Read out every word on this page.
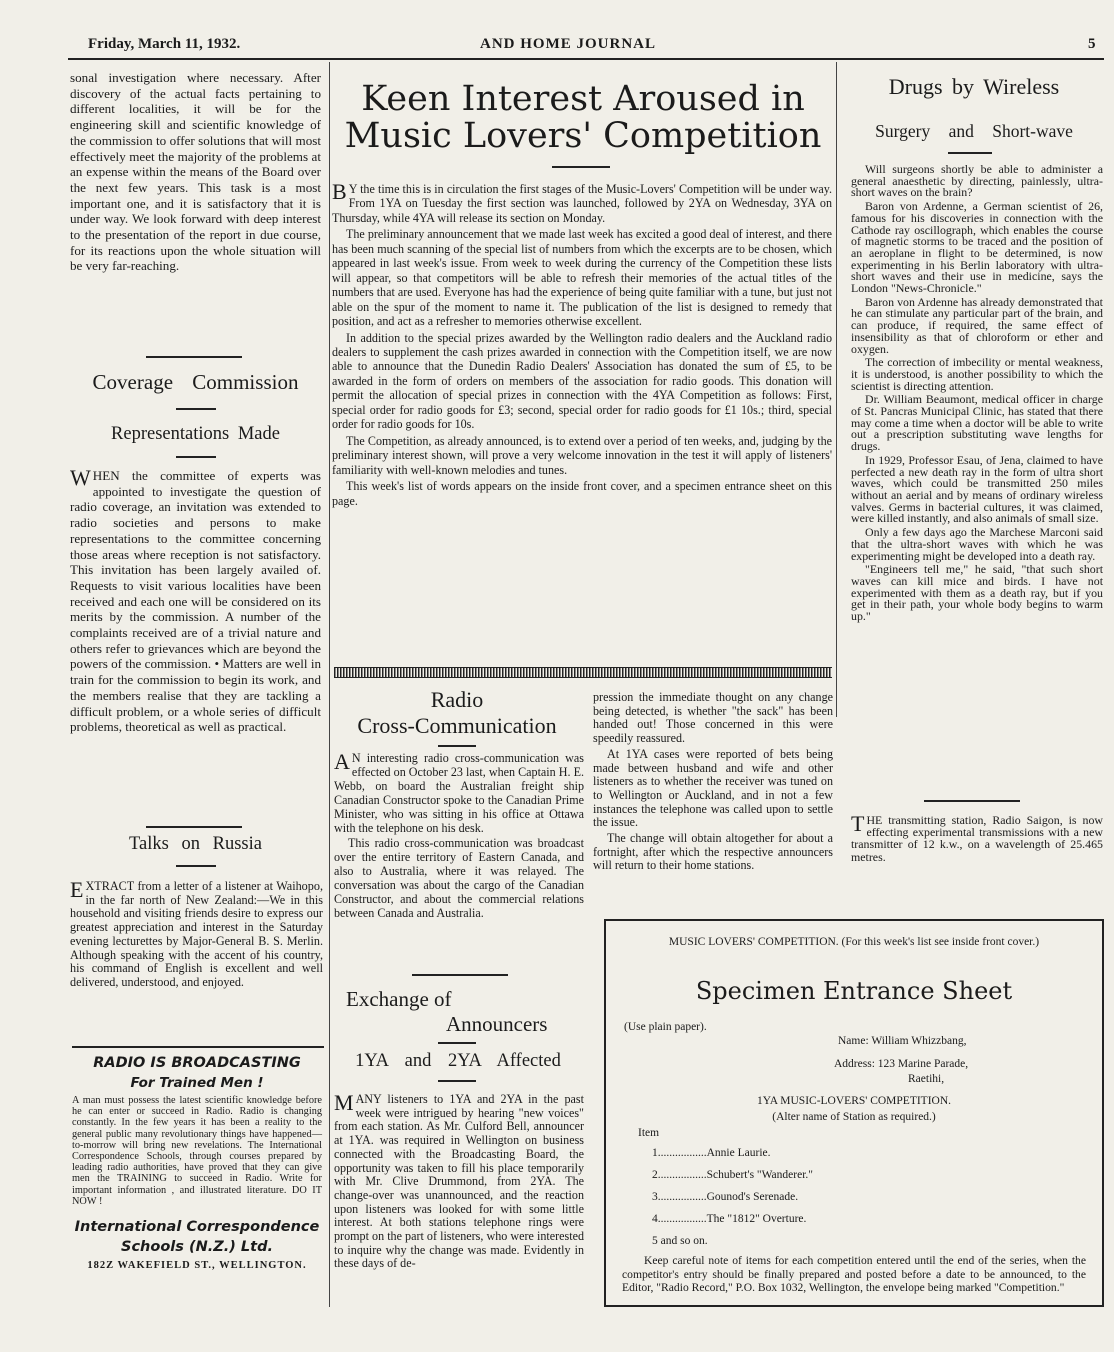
Friday, March 11, 1932.	AND HOME JOURNAL	5

sonal investigation where necessary. After discovery of the actual facts pertaining to different localities, it will be for the engineering skill and scientific knowledge of the commission to offer solutions that will most effectively meet the majority of the problems at an expense within the means of the Board over the next few years. This task is a most important one, and it is satisfactory that it is under way. We look forward with deep interest to the presentation of the report in due course, for its reactions upon the whole situation will be very far-reaching.

Coverage Commission
Representations Made

WHEN the committee of experts was appointed to investigate the question of radio coverage, an invitation was extended to radio societies and persons to make representations to the committee concerning those areas where reception is not satisfactory. This invitation has been largely availed of. Requests to visit various localities have been received and each one will be considered on its merits by the commission. A number of the complaints received are of a trivial nature and others refer to grievances which are beyond the powers of the commission. • Matters are well in train for the commission to begin its work, and the members realise that they are tackling a difficult problem, or a whole series of difficult problems, theoretical as well as practical.

Talks on Russia

EXTRACT from a letter of a listener at Waihopo, in the far north of New Zealand:—We in this household and visiting friends desire to express our greatest appreciation and interest in the Saturday evening lecturettes by Major-General B. S. Merlin. Although speaking with the accent of his country, his command of English is excellent and well delivered, understood, and enjoyed.

RADIO IS BROADCASTING
For Trained Men !
A man must possess the latest scientific knowledge before he can enter or succeed in Radio. Radio is changing constantly. In the few years it has been a reality to the general public many revolutionary things have happened—to-morrow will bring new revelations. The International Correspondence Schools, through courses prepared by leading radio authorities, have proved that they can give men the TRAINING to succeed in Radio. Write for important information , and illustrated literature. DO IT NOW !
International Correspondence
Schools (N.Z.) Ltd.
182Z WAKEFIELD ST., WELLINGTON.
Keen Interest Aroused in
Music Lovers' Competition

B Y the time this is in circulation the first stages of the Music-Lovers' Competition will be under way. From 1YA on Tuesday the first section was launched, followed by 2YA on Wednesday, 3YA on Thursday, while 4YA will release its section on Monday.

The preliminary announcement that we made last week has excited a good deal of interest, and there has been much scanning of the special list of numbers from which the excerpts are to be chosen, which appeared in last week's issue. From week to week during the currency of the Competition these lists will appear, so that competitors will be able to refresh their memories of the actual titles of the numbers that are used. Everyone has had the experience of being quite familiar with a tune, but just not able on the spur of the moment to name it. The publication of the list is designed to remedy that position, and act as a refresher to memories otherwise excellent.

In addition to the special prizes awarded by the Wellington radio dealers and the Auckland radio dealers to supplement the cash prizes awarded in connection with the Competition itself, we are now able to announce that the Dunedin Radio Dealers' Association has donated the sum of £5, to be awarded in the form of orders on members of the association for radio goods. This donation will permit the allocation of special prizes in connection with the 4YA Competition as follows: First, special order for radio goods for £3; second, special order for radio goods for £1 10s.; third, special order for radio goods for 10s.

The Competition, as already announced, is to extend over a period of ten weeks, and, judging by the preliminary interest shown, will prove a very welcome innovation in the test it will apply of listeners' familiarity with well-known melodies and tunes.

This week's list of words appears on the inside front cover, and a specimen entrance sheet on this page.

Radio
Cross-Communication

A N interesting radio cross-communication was effected on October 23 last, when Captain H. E. Webb, on board the Australian freight ship Canadian Constructor spoke to the Canadian Prime Minister, who was sitting in his office at Ottawa with the telephone on his desk.

This radio cross-communication was broadcast over the entire territory of Eastern Canada, and also to Australia, where it was relayed. The conversation was about the cargo of the Canadian Constructor, and about the commercial relations between Canada and Australia.

Exchange of
Announcers
1YA and 2YA Affected

MANY listeners to 1YA and 2YA in the past week were intrigued by hearing "new voices" from each station. As Mr. Culford Bell, announcer at 1YA. was required in Wellington on business connected with the Broadcasting Board, the opportunity was taken to fill his place temporarily with Mr. Clive Drummond, from 2YA. The change-over was unannounced, and the reaction upon listeners was looked for with some little interest. At both stations telephone rings were prompt on the part of listeners, who were interested to inquire why the change was made. Evidently in these days of de-

pression the immediate thought on any change being detected, is whether "the sack" has been handed out! Those concerned in this were speedily reassured.

At 1YA cases were reported of bets being made between husband and wife and other listeners as to whether the receiver was tuned on to Wellington or Auckland, and in not a few instances the telephone was called upon to settle the issue.

The change will obtain altogether for about a fortnight, after which the respective announcers will return to their home stations.

Drugs by Wireless
Surgery and Short-wave

Will surgeons shortly be able to administer a general anaesthetic by directing, painlessly, ultra-short waves on the brain?

Baron von Ardenne, a German scientist of 26, famous for his discoveries in connection with the Cathode ray oscillograph, which enables the course of magnetic storms to be traced and the position of an aeroplane in flight to be determined, is now experimenting in his Berlin laboratory with ultra-short waves and their use in medicine, says the London "News-Chronicle."

Baron von Ardenne has already demonstrated that he can stimulate any particular part of the brain, and can produce, if required, the same effect of insensibility as that of chloroform or ether and oxygen.

The correction of imbecility or mental weakness, it is understood, is another possibility to which the scientist is directing attention.

Dr. William Beaumont, medical officer in charge of St. Pancras Municipal Clinic, has stated that there may come a time when a doctor will be able to write out a prescription substituting wave lengths for drugs.

In 1929, Professor Esau, of Jena, claimed to have perfected a new death ray in the form of ultra short waves, which could be transmitted 250 miles without an aerial and by means of ordinary wireless valves. Germs in bacterial cultures, it was claimed, were killed instantly, and also animals of small size.

Only a few days ago the Marchese Marconi said that the ultra-short waves with which he was experimenting might be developed into a death ray.

"Engineers tell me," he said, "that such short waves can kill mice and birds. I have not experimented with them as a death ray, but if you get in their path, your whole body begins to warm up."

THE transmitting station, Radio Saigon, is now effecting experimental transmissions with a new transmitter of 12 k.w., on a wavelength of 25.465 metres.

MUSIC LOVERS' COMPETITION. (For this week's list see inside front cover.)
Specimen Entrance Sheet
(Use plain paper).
Name: William Whizzbang,
Address: 123 Marine Parade,
Raetihi,
1YA MUSIC-LOVERS' COMPETITION.
(Alter name of Station as required.)
Item
1.................Annie Laurie.
2.................Schubert's "Wanderer."
3.................Gounod's Serenade.
4.................The "1812" Overture.
5 and so on.
Keep careful note of items for each competition entered until the end of the series, when the competitor's entry should be finally prepared and posted before a date to be announced, to the Editor, "Radio Record," P.O. Box 1032, Wellington, the envelope being marked "Competition."
